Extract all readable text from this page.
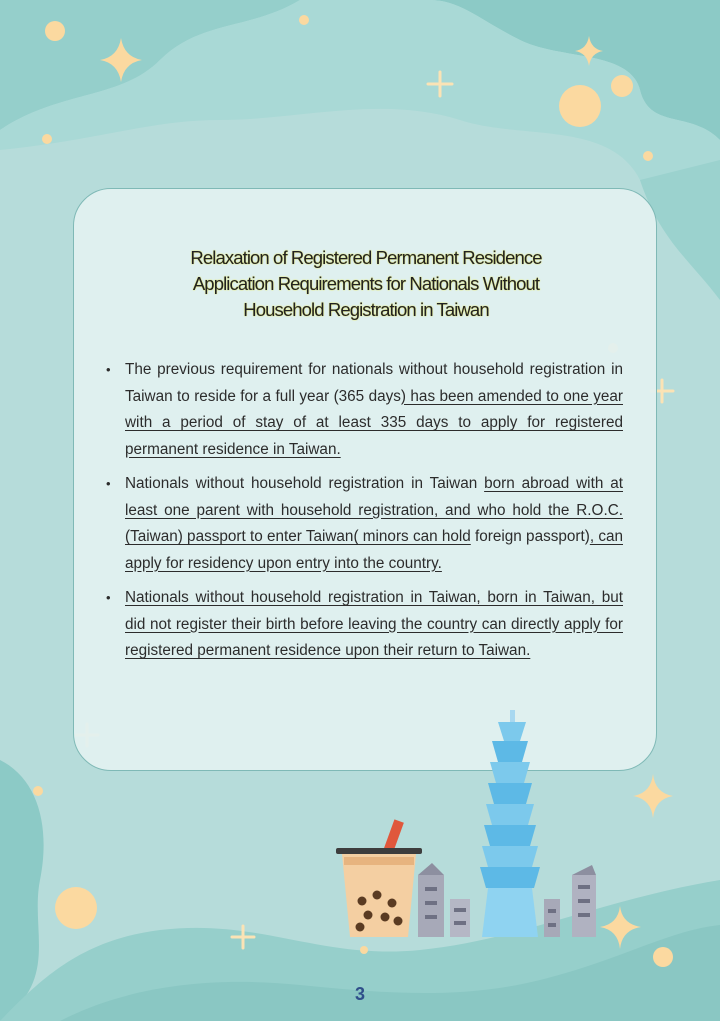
Relaxation of Registered Permanent Residence
Application Requirements for Nationals Without
Household Registration in Taiwan
• The previous requirement for nationals without household registration in Taiwan to reside for a full year (365 days) has been amended to one year with a period of stay of at least 335 days to apply for registered permanent residence in Taiwan.
• Nationals without household registration in Taiwan born abroad with at least one parent with household registration, and who hold the R.O.C.(Taiwan) passport to enter Taiwan( minors can hold foreign passport), can apply for residency upon entry into the country.
• Nationals without household registration in Taiwan, born in Taiwan, but did not register their birth before leaving the country can directly apply for registered permanent residence upon their return to Taiwan.
3
